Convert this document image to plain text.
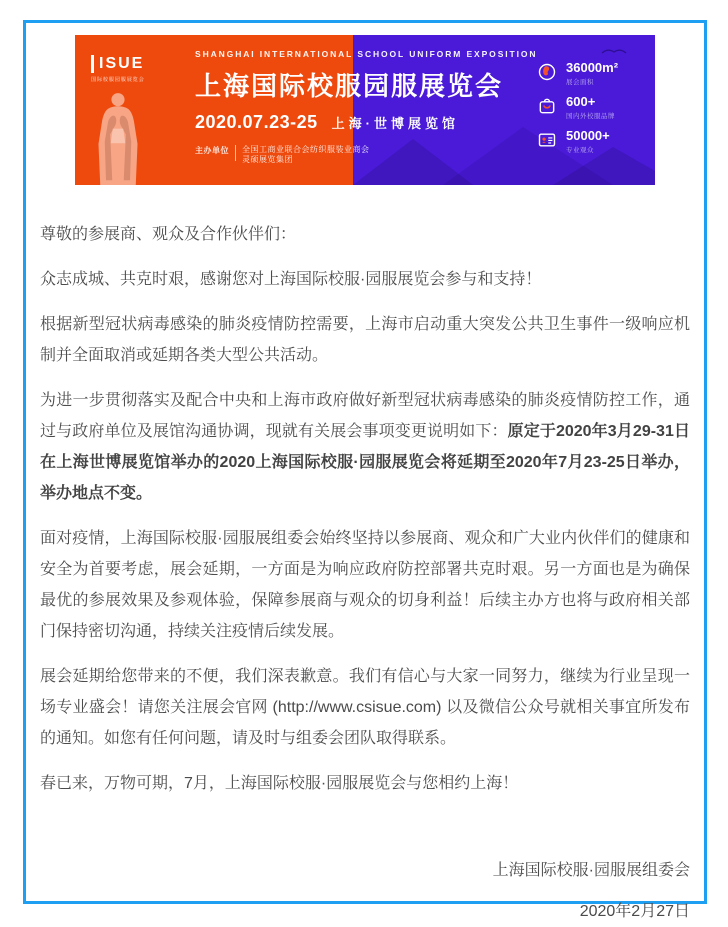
ISUE
国际校服园服展览会
SHANGHAI INTERNATIONAL SCHOOL UNIFORM EXPOSITION
上海国际校服园服展览会
2020.07.23-25 上海·世博展览馆
主办单位 全国工商业联合会纺织服装业商会
灵硕展览集团
36000m²
展会面积
600+
国内外校服品牌
50000+
专业观众

尊敬的参展商、观众及合作伙伴们：

众志成城、共克时艰，感谢您对上海国际校服·园服展览会参与和支持！

根据新型冠状病毒感染的肺炎疫情防控需要，上海市启动重大突发公共卫生事件一级响应机制并全面取消或延期各类大型公共活动。

为进一步贯彻落实及配合中央和上海市政府做好新型冠状病毒感染的肺炎疫情防控工作，通过与政府单位及展馆沟通协调，现就有关展会事项变更说明如下：原定于2020年3月29-31日在上海世博展览馆举办的2020上海国际校服·园服展览会将延期至2020年7月23-25日举办，举办地点不变。

面对疫情，上海国际校服·园服展组委会始终坚持以参展商、观众和广大业内伙伴们的健康和安全为首要考虑，展会延期，一方面是为响应政府防控部署共克时艰。另一方面也是为确保最优的参展效果及参观体验，保障参展商与观众的切身利益！后续主办方也将与政府相关部门保持密切沟通，持续关注疫情后续发展。

展会延期给您带来的不便，我们深表歉意。我们有信心与大家一同努力，继续为行业呈现一场专业盛会！请您关注展会官网 (http://www.csisue.com) 以及微信公众号就相关事宜所发布的通知。如您有任何问题，请及时与组委会团队取得联系。

春已来，万物可期，7月，上海国际校服·园服展览会与您相约上海！

上海国际校服·园服展组委会
2020年2月27日
